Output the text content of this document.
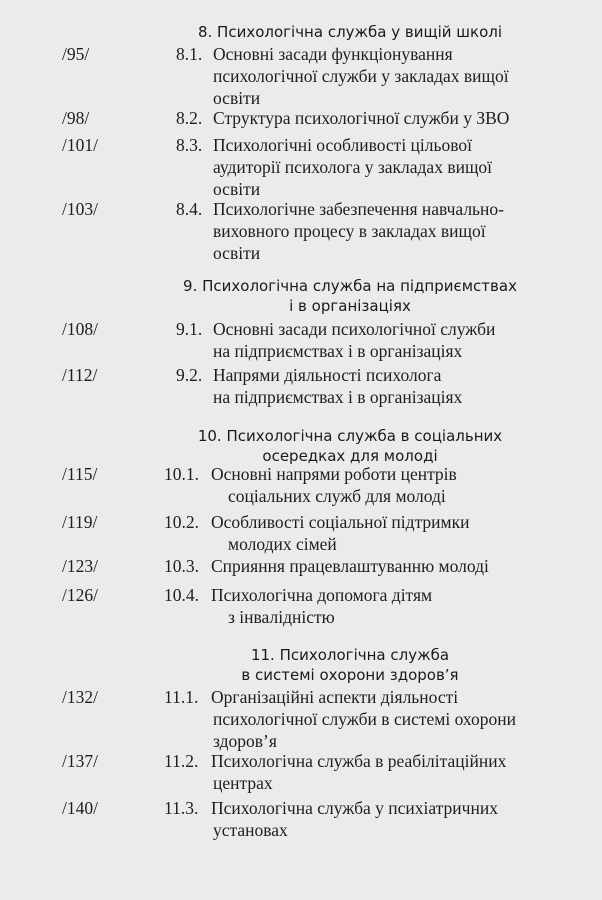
8. Психологічна служба у вищій школі
/95/	8.1. Основні засади функціонування
психологічної служби у закладах вищої
освіти
/98/	8.2. Структура психологічної служби у ЗВО
/101/	8.3. Психологічні особливості цільової
аудиторії психолога у закладах вищої
освіти
/103/	8.4. Психологічне забезпечення навчально-
виховного процесу в закладах вищої
освіти
9. Психологічна служба на підприємствах
і в організаціях
/108/	9.1. Основні засади психологічної служби
на підприємствах і в організаціях
/112/	9.2. Напрями діяльності психолога
на підприємствах і в організаціях
10. Психологічна служба в соціальних
осередках для молоді
/115/	10.1. Основні напрями роботи центрів
соціальних служб для молоді
/119/	10.2. Особливості соціальної підтримки
молодих сімей
/123/	10.3. Сприяння працевлаштуванню молоді
/126/	10.4. Психологічна допомога дітям
з інвалідністю
11. Психологічна служба
в системі охорони здоров’я
/132/	11.1. Організаційні аспекти діяльності
психологічної служби в системі охорони
здоров’я
/137/	11.2. Психологічна служба в реабілітаційних
центрах
/140/	11.3. Психологічна служба у психіатричних
установах
